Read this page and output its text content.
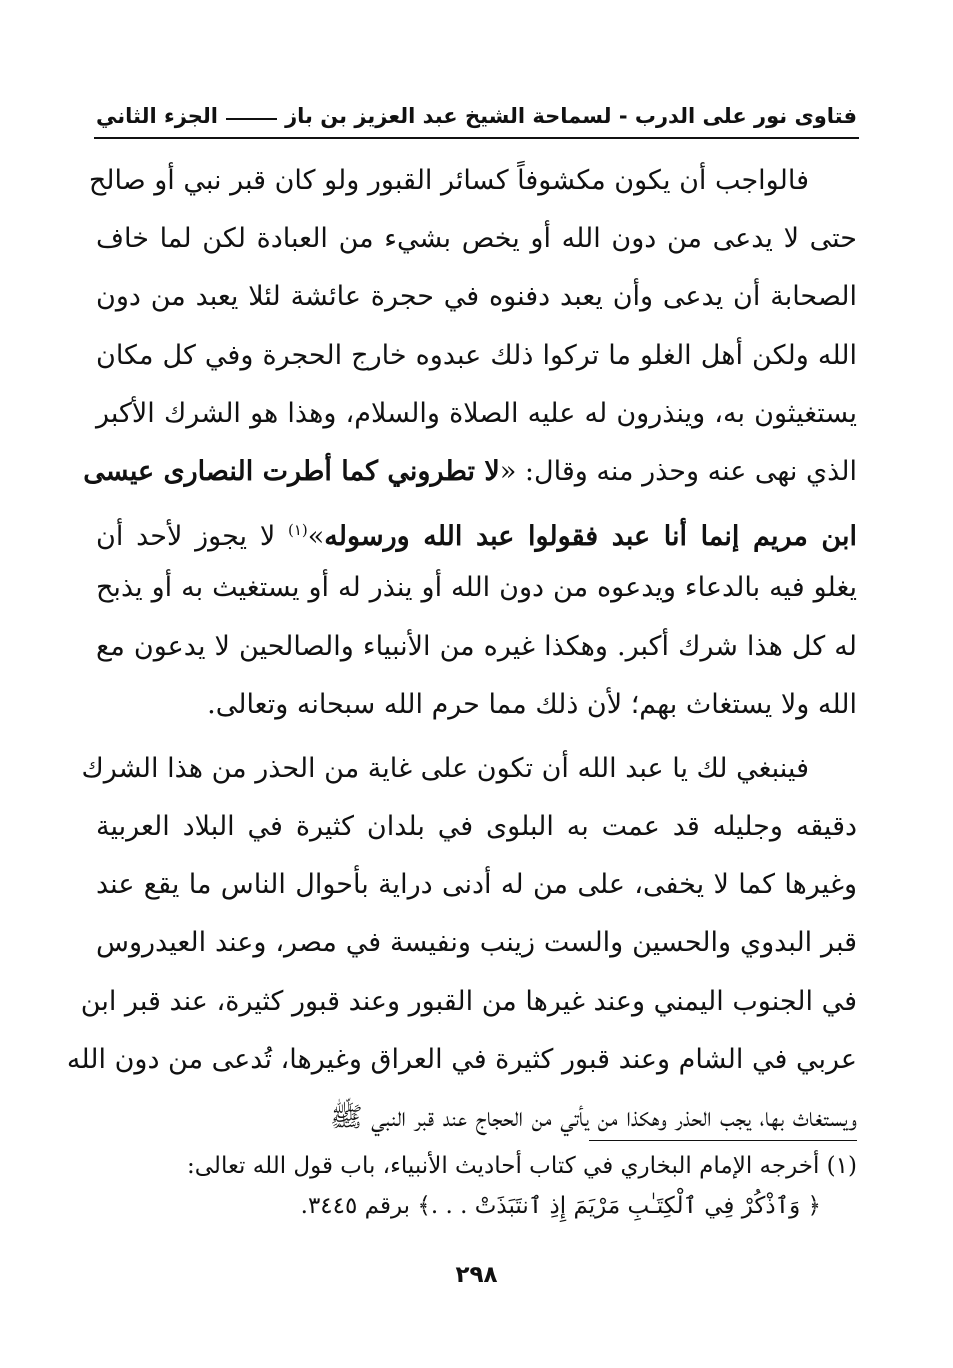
فتاوى نور على الدرب - لسماحة الشيخ عبد العزيز بن باز
الجزء الثاني
فالواجب أن يكون مكشوفاً كسائر القبور ولو كان قبر نبي أو صالح
حتى لا يدعى من دون الله أو يخص بشيء من العبادة لكن لما خاف
الصحابة أن يدعى وأن يعبد دفنوه في حجرة عائشة لئلا يعبد من دون
الله ولكن أهل الغلو ما تركوا ذلك عبدوه خارج الحجرة وفي كل مكان
يستغيثون به، وينذرون له عليه الصلاة والسلام، وهذا هو الشرك الأكبر
الذي نهى عنه وحذر منه وقال: «لا تطروني كما أطرت النصارى عيسى
ابن مريم إنما أنا عبد فقولوا عبد الله ورسوله»$^{(١)}$ لا يجوز لأحد أن
يغلو فيه بالدعاء ويدعوه من دون الله أو ينذر له أو يستغيث به أو يذبح
له كل هذا شرك أكبر. وهكذا غيره من الأنبياء والصالحين لا يدعون مع
الله ولا يستغاث بهم؛ لأن ذلك مما حرم الله سبحانه وتعالى.
فينبغي لك يا عبد الله أن تكون على غاية من الحذر من هذا الشرك
دقيقه وجليله قد عمت به البلوى في بلدان كثيرة في البلاد العربية
وغيرها كما لا يخفى، على من له أدنى دراية بأحوال الناس ما يقع عند
قبر البدوي والحسين والست زينب ونفيسة في مصر، وعند العيدروس
في الجنوب اليمني وعند غيرها من القبور وعند قبور كثيرة، عند قبر ابن
عربي في الشام وعند قبور كثيرة في العراق وغيرها، تُدعى من دون الله
ويستغاث بها، يجب الحذر وهكذا من يأتي من الحجاج عند قبر النبي ﷺ
(١) أخرجه الإمام البخاري في كتاب أحاديث الأنبياء، باب قول الله تعالى:
﴿ وَٱذْكُرْ فِي ٱلْكِتَـٰبِ مَرْيَمَ إِذِ ٱنتَبَذَتْ . . .﴾ برقم ٣٤٤٥.
٢٩٨
